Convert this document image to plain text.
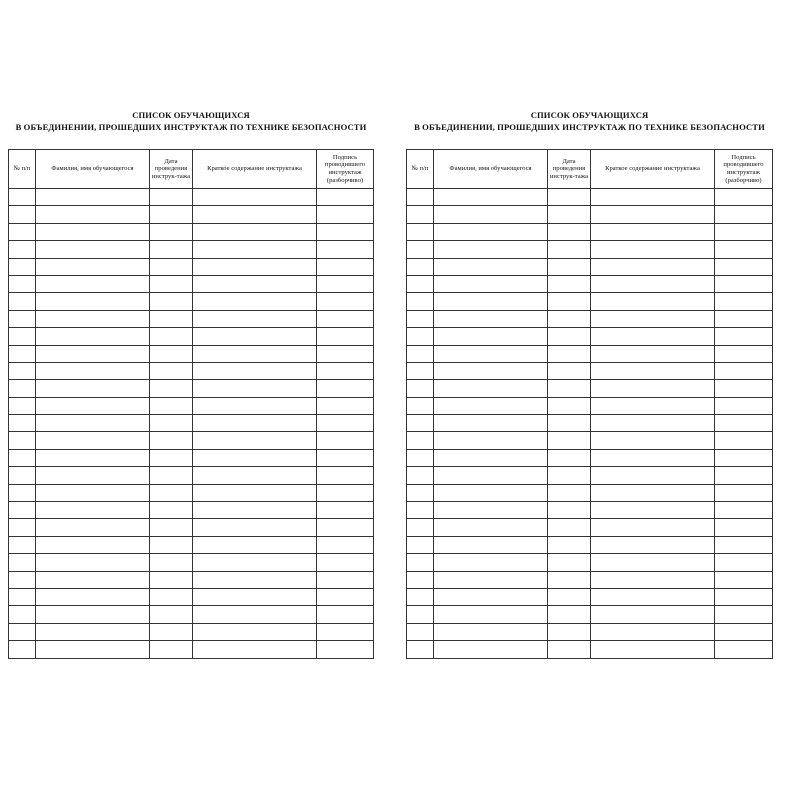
СПИСОК ОБУЧАЮЩИХСЯ
В ОБЪЕДИНЕНИИ, ПРОШЕДШИХ ИНСТРУКТАЖ ПО ТЕХНИКЕ БЕЗОПАСНОСТИ
№ п/п	Фамилия, имя обучающегося	Дата проведения инструк-тажа	Краткое содержание инструктажа	Подпись проводившего инструктаж (разборчиво)

СПИСОК ОБУЧАЮЩИХСЯ
В ОБЪЕДИНЕНИИ, ПРОШЕДШИХ ИНСТРУКТАЖ ПО ТЕХНИКЕ БЕЗОПАСНОСТИ
№ п/п	Фамилия, имя обучающегося	Дата проведения инструк-тажа	Краткое содержание инструктажа	Подпись проводившего инструктаж (разборчиво)
